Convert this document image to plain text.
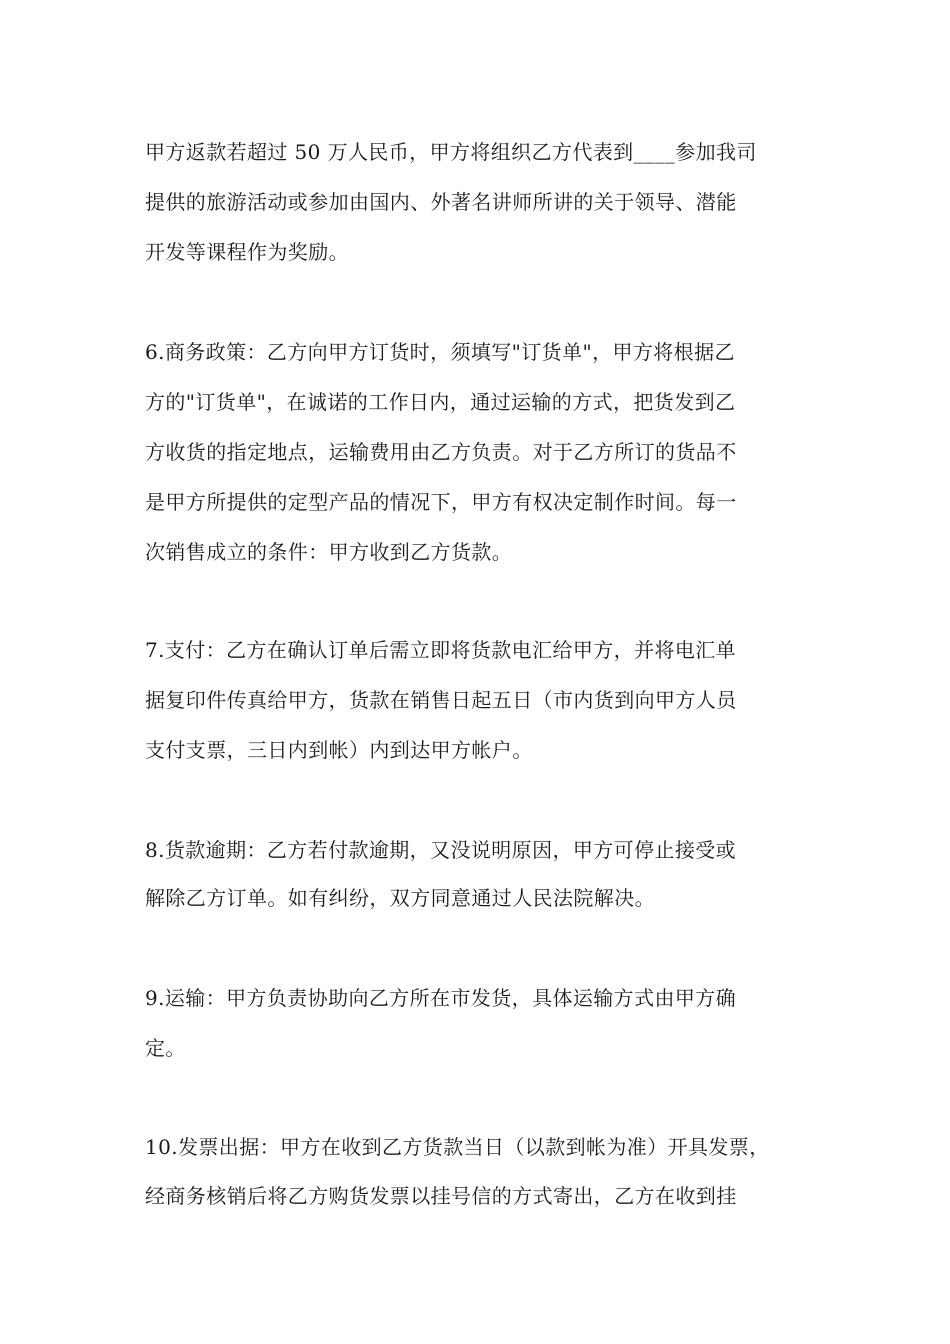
甲方返款若超过 50 万人民币，甲方将组织乙方代表到____参加我司
提供的旅游活动或参加由国内、外著名讲师所讲的关于领导、潜能
开发等课程作为奖励。
6.商务政策：乙方向甲方订货时，须填写"订货单"，甲方将根据乙
方的"订货单"，在诚诺的工作日内，通过运输的方式，把货发到乙
方收货的指定地点，运输费用由乙方负责。对于乙方所订的货品不
是甲方所提供的定型产品的情况下，甲方有权决定制作时间。每一
次销售成立的条件：甲方收到乙方货款。
7.支付：乙方在确认订单后需立即将货款电汇给甲方，并将电汇单
据复印件传真给甲方，货款在销售日起五日（市内货到向甲方人员
支付支票，三日内到帐）内到达甲方帐户。
8.货款逾期：乙方若付款逾期，又没说明原因，甲方可停止接受或
解除乙方订单。如有纠纷，双方同意通过人民法院解决。
9.运输：甲方负责协助向乙方所在市发货，具体运输方式由甲方确
定。
10.发票出据：甲方在收到乙方货款当日（以款到帐为准）开具发票，
经商务核销后将乙方购货发票以挂号信的方式寄出，乙方在收到挂
